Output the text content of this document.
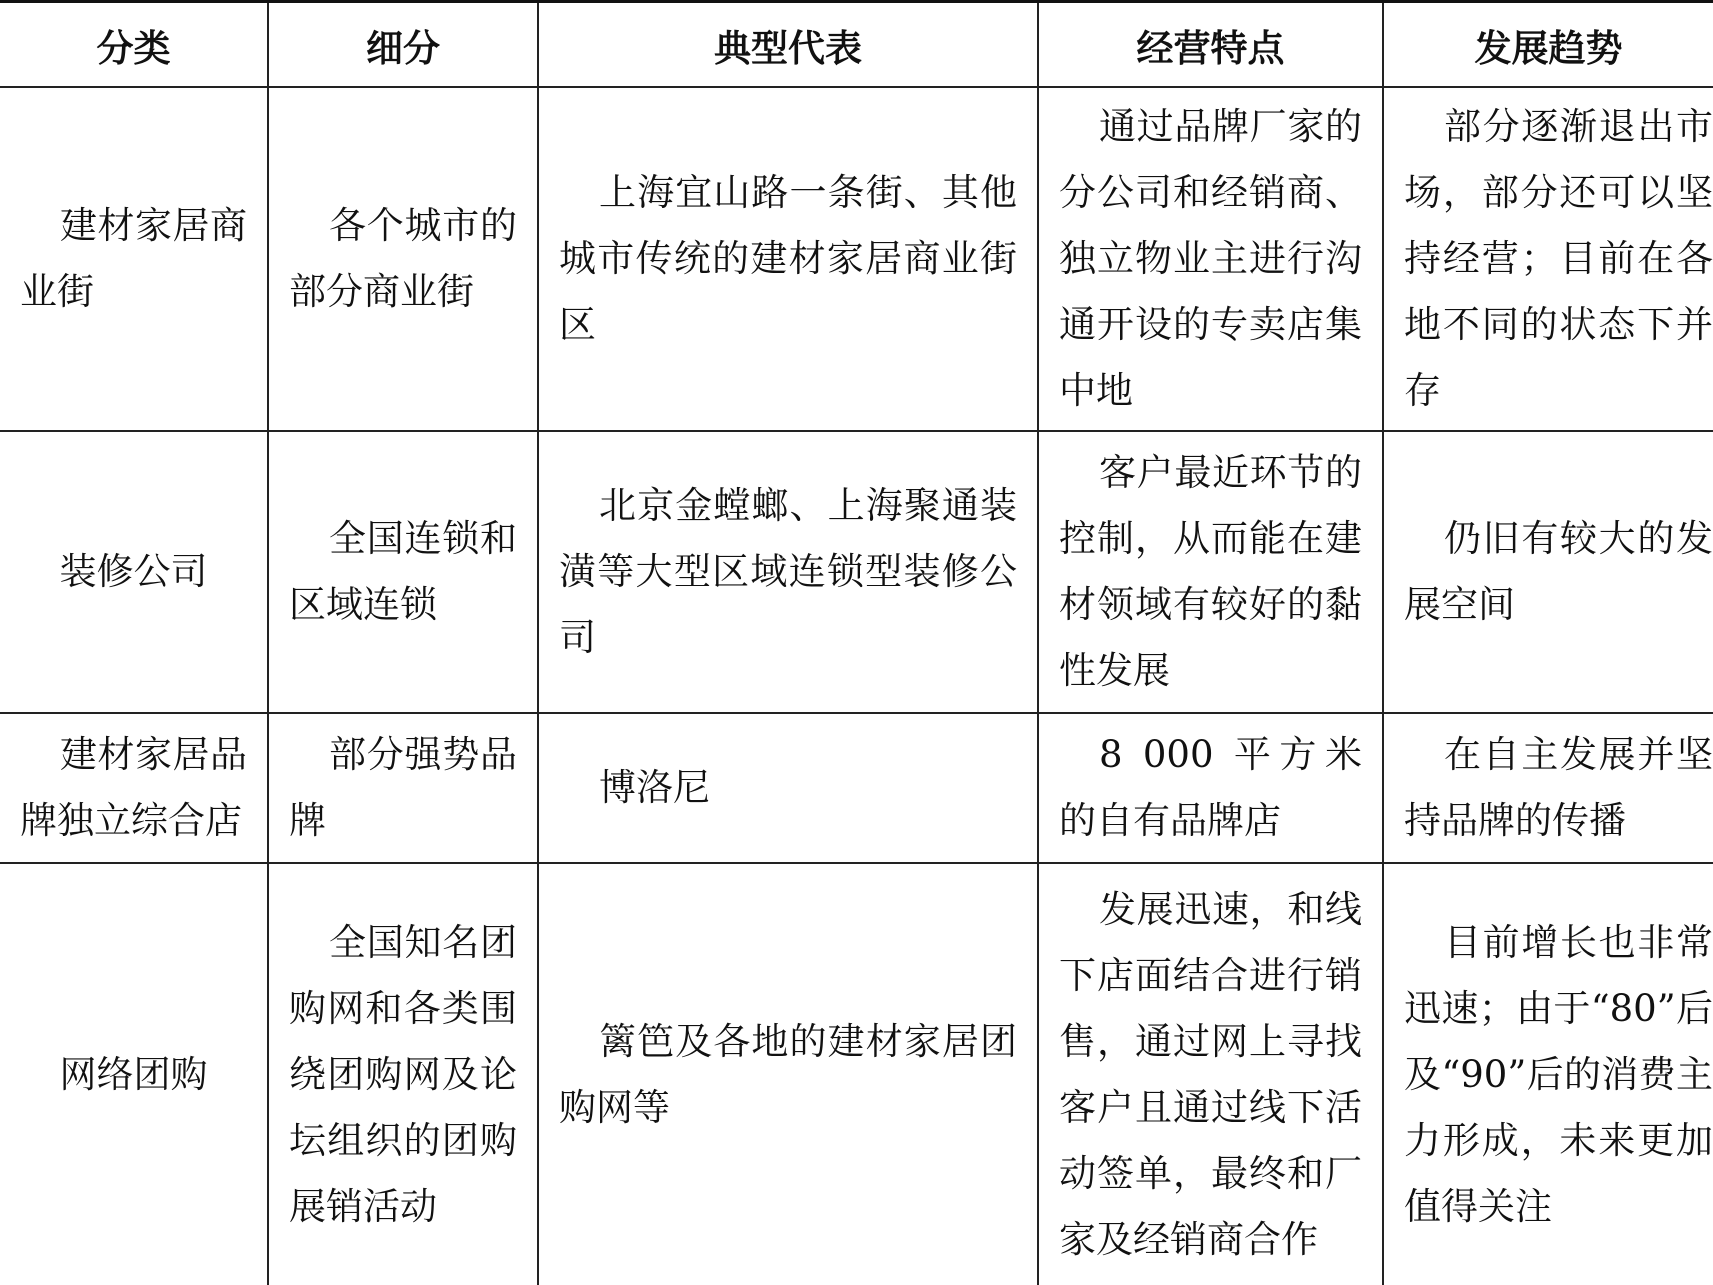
分类	细分	典型代表	经营特点	发展趋势
建材家居商业街	各个城市的部分商业街	上海宜山路一条街、其他城市传统的建材家居商业街区	通过品牌厂家的分公司和经销商、独立物业主进行沟通开设的专卖店集中地	部分逐渐退出市场，部分还可以坚持经营；目前在各地不同的状态下并存
装修公司	全国连锁和区域连锁	北京金螳螂、上海聚通装潢等大型区域连锁型装修公司	客户最近环节的控制，从而能在建材领域有较好的黏性发展	仍旧有较大的发展空间
建材家居品牌独立综合店	部分强势品牌	博洛尼	8 000 平方米的自有品牌店	在自主发展并坚持品牌的传播
网络团购	全国知名团购网和各类围绕团购网及论坛组织的团购展销活动	篱笆及各地的建材家居团购网等	发展迅速，和线下店面结合进行销售，通过网上寻找客户且通过线下活动签单，最终和厂家及经销商合作	目前增长也非常迅速；由于“80”后及“90”后的消费主力形成，未来更加值得关注
